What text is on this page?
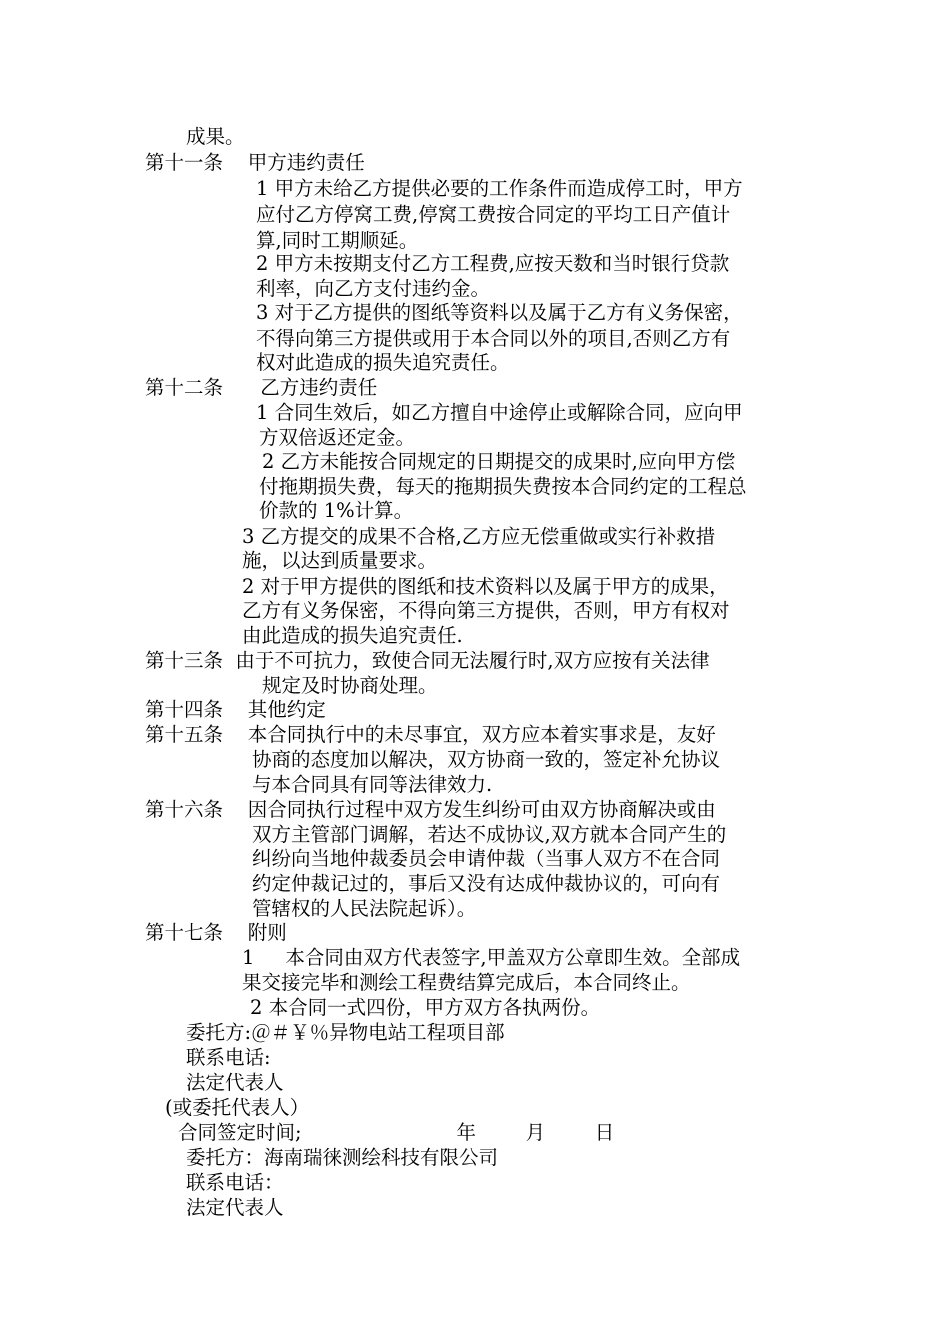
成果。

第十一条    甲方违约责任

1 甲方未给乙方提供必要的工作条件而造成停工时，甲方

应付乙方停窝工费,停窝工费按合同定的平均工日产值计

算,同时工期顺延。

2 甲方未按期支付乙方工程费,应按天数和当时银行贷款

利率，向乙方支付违约金。

3 对于乙方提供的图纸等资料以及属于乙方有义务保密，

不得向第三方提供或用于本合同以外的项目,否则乙方有

权对此造成的损失追究责任。

第十二条      乙方违约责任

1 合同生效后，如乙方擅自中途停止或解除合同，应向甲

方双倍返还定金。

2 乙方未能按合同规定的日期提交的成果时,应向甲方偿

付拖期损失费，每天的拖期损失费按本合同约定的工程总

价款的 1%计算。

3 乙方提交的成果不合格,乙方应无偿重做或实行补救措

施，以达到质量要求。

2 对于甲方提供的图纸和技术资料以及属于甲方的成果，

乙方有义务保密，不得向第三方提供，否则，甲方有权对

由此造成的损失追究责任.

第十三条  由于不可抗力，致使合同无法履行时,双方应按有关法律

规定及时协商处理。

第十四条    其他约定

第十五条    本合同执行中的未尽事宜，双方应本着实事求是，友好

协商的态度加以解决，双方协商一致的，签定补允协议

与本合同具有同等法律效力.

第十六条    因合同执行过程中双方发生纠纷可由双方协商解决或由

双方主管部门调解，若达不成协议,双方就本合同产生的

纠纷向当地仲裁委员会申请仲裁（当事人双方不在合同

约定仲裁记过的，事后又没有达成仲裁协议的，可向有

管辖权的人民法院起诉）。

第十七条    附则

1     本合同由双方代表签字,甲盖双方公章即生效。全部成

果交接完毕和测绘工程费结算完成后，本合同终止。

2 本合同一式四份，甲方双方各执两份。

委托方:＠＃￥％异物电站工程项目部

联系电话:

法定代表人

(或委托代表人）

合同签定时间;                         年        月        日

委托方：海南瑞徕测绘科技有限公司

联系电话：

法定代表人
